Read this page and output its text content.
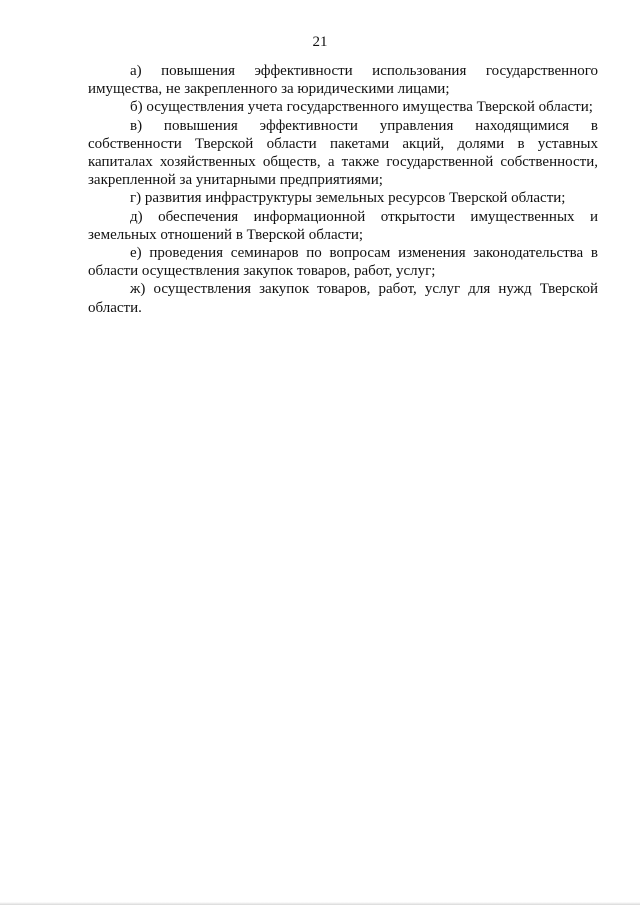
21

а) повышения эффективности использования государственного имущества, не закрепленного за юридическими лицами;

б) осуществления учета государственного имущества Тверской области;

в) повышения эффективности управления находящимися в собственности Тверской области пакетами акций, долями в уставных капиталах хозяйственных обществ, а также государственной собственности, закрепленной за унитарными предприятиями;

г) развития инфраструктуры земельных ресурсов Тверской области;

д) обеспечения информационной открытости имущественных и земельных отношений в Тверской области;

е) проведения семинаров по вопросам изменения законодательства в области осуществления закупок товаров, работ, услуг;

ж) осуществления закупок товаров, работ, услуг для нужд Тверской области.
